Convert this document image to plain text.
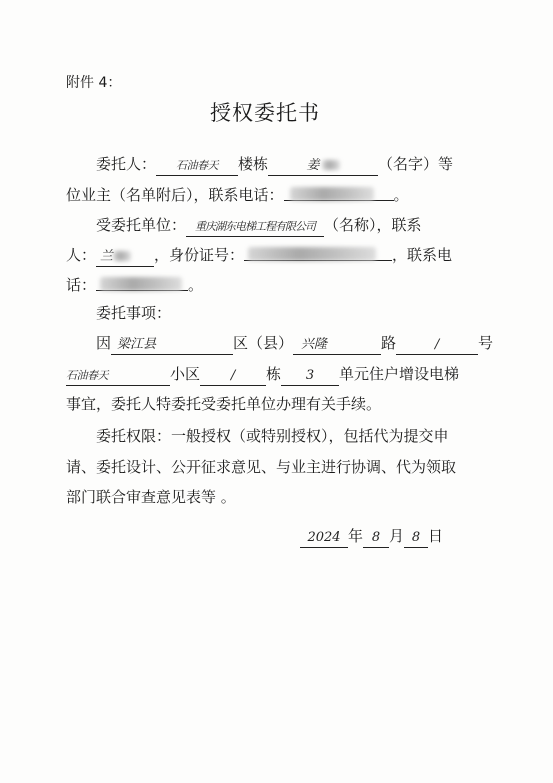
附件 4：
授权委托书
委托人： 石油春天 楼栋	姜	（名字）等
位业主（名单附后），联系电话：	。
受委托单位： 重庆湖东电梯工程有限公司 （名称），联系
人： 兰	，身份证号：	，联系电
话：	。
委托事项：
因 梁江县	区（县） 兴隆	路	/	号
石油春天	小区 / 栋 3 单元住户增设电梯
事宜，委托人特委托受委托单位办理有关手续。
委托权限：一般授权（或特别授权），包括代为提交申
请、委托设计、公开征求意见、与业主进行协调、代为领取
部门联合审查意见表等 。
2024 年 8 月 8 日
